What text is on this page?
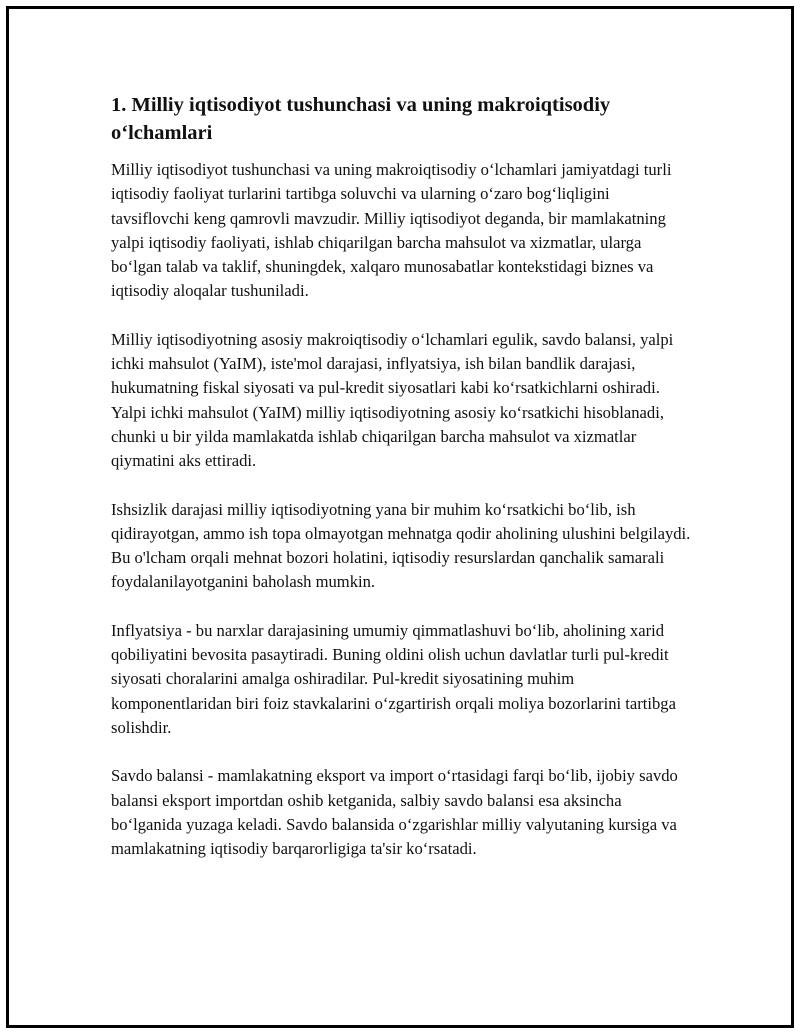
1. Milliy iqtisodiyot tushunchasi va uning makroiqtisodiy o‘lchamlari

Milliy iqtisodiyot tushunchasi va uning makroiqtisodiy o‘lchamlari jamiyatdagi turli iqtisodiy faoliyat turlarini tartibga soluvchi va ularning o‘zaro bog‘liqligini tavsiflovchi keng qamrovli mavzudir. Milliy iqtisodiyot deganda, bir mamlakatning yalpi iqtisodiy faoliyati, ishlab chiqarilgan barcha mahsulot va xizmatlar, ularga bo‘lgan talab va taklif, shuningdek, xalqaro munosabatlar kontekstidagi biznes va iqtisodiy aloqalar tushuniladi.

Milliy iqtisodiyotning asosiy makroiqtisodiy o‘lchamlari egulik, savdo balansi, yalpi ichki mahsulot (YaIM), iste'mol darajasi, inflyatsiya, ish bilan bandlik darajasi, hukumatning fiskal siyosati va pul-kredit siyosatlari kabi ko‘rsatkichlarni oshiradi. Yalpi ichki mahsulot (YaIM) milliy iqtisodiyotning asosiy ko‘rsatkichi hisoblanadi, chunki u bir yilda mamlakatda ishlab chiqarilgan barcha mahsulot va xizmatlar qiymatini aks ettiradi.

Ishsizlik darajasi milliy iqtisodiyotning yana bir muhim ko‘rsatkichi bo‘lib, ish qidirayotgan, ammo ish topa olmayotgan mehnatga qodir aholining ulushini belgilaydi. Bu o'lcham orqali mehnat bozori holatini, iqtisodiy resurslardan qanchalik samarali foydalanilayotganini baholash mumkin.

Inflyatsiya - bu narxlar darajasining umumiy qimmatlashuvi bo‘lib, aholining xarid qobiliyatini bevosita pasaytiradi. Buning oldini olish uchun davlatlar turli pul-kredit siyosati choralarini amalga oshiradilar. Pul-kredit siyosatining muhim komponentlaridan biri foiz stavkalarini o‘zgartirish orqali moliya bozorlarini tartibga solishdir.

Savdo balansi - mamlakatning eksport va import o‘rtasidagi farqi bo‘lib, ijobiy savdo balansi eksport importdan oshib ketganida, salbiy savdo balansi esa aksincha bo‘lganida yuzaga keladi. Savdo balansida o‘zgarishlar milliy valyutaning kursiga va mamlakatning iqtisodiy barqarorligiga ta'sir ko‘rsatadi.
